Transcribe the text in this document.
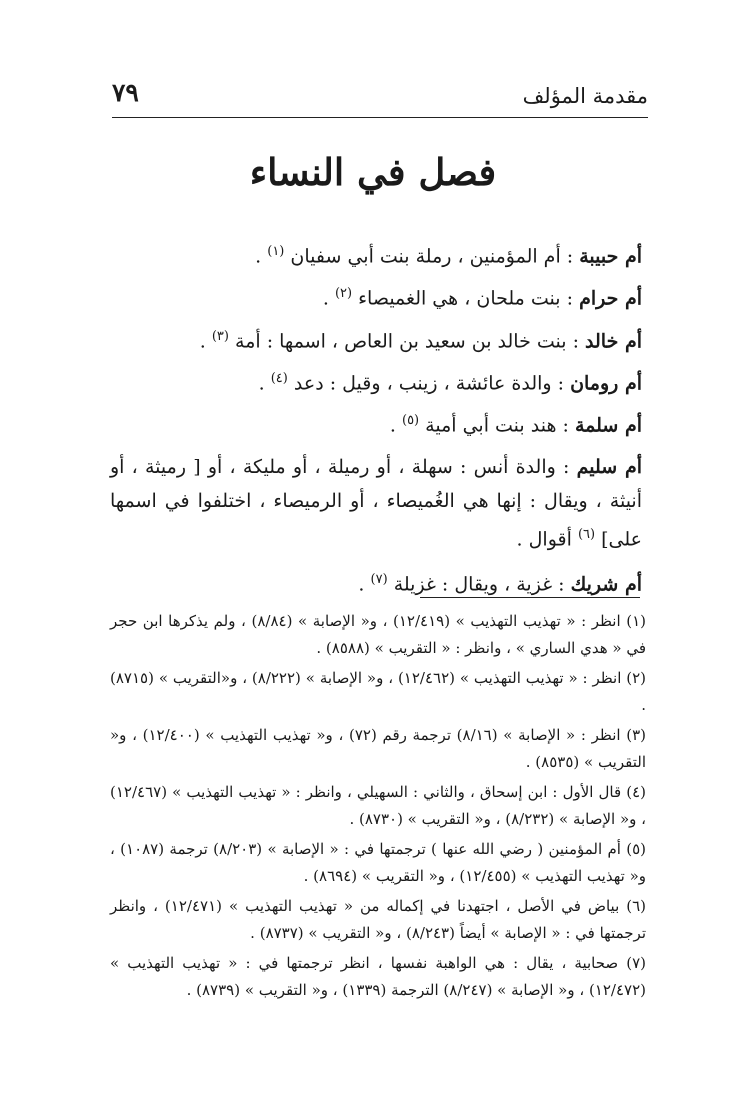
مقدمة المؤلف
٧٩
فصل في النساء
أم حبيبة : أم المؤمنين ، رملة بنت أبي سفيان $^{(١)}$ .
أم حرام : بنت ملحان ، هي الغميصاء $^{(٢)}$ .
أم خالد : بنت خالد بن سعيد بن العاص ، اسمها : أمة $^{(٣)}$ .
أم رومان : والدة عائشة ، زينب ، وقيل : دعد $^{(٤)}$ .
أم سلمة : هند بنت أبي أمية $^{(٥)}$ .
أم سليم : والدة أنس : سهلة ، أو رميلة ، أو مليكة ، أو [ رميثة ، أو أنيثة ، ويقال : إنها هي الغُميصاء ، أو الرميصاء ، اختلفوا في اسمها على] $^{(٦)}$ أقوال .
أم شريك : غزية ، ويقال : غزيلة $^{(٧)}$ .
(١) انظر : « تهذيب التهذيب » (١٢/٤١٩) ، و« الإصابة » (٨/٨٤) ، ولم يذكرها ابن حجر في « هدي الساري » ، وانظر : « التقريب » (٨٥٨٨) .
(٢) انظر : « تهذيب التهذيب » (١٢/٤٦٢) ، و« الإصابة » (٨/٢٢٢) ، و«التقريب » (٨٧١٥) .
(٣) انظر : « الإصابة » (٨/١٦) ترجمة رقم (٧٢) ، و« تهذيب التهذيب » (١٢/٤٠٠) ، و« التقريب » (٨٥٣٥) .
(٤) قال الأول : ابن إسحاق ، والثاني : السهيلي ، وانظر : « تهذيب التهذيب » (١٢/٤٦٧) ، و« الإصابة » (٨/٢٣٢) ، و« التقريب » (٨٧٣٠) .
(٥) أم المؤمنين ( رضي الله عنها ) ترجمتها في : « الإصابة » (٨/٢٠٣) ترجمة (١٠٨٧) ، و« تهذيب التهذيب » (١٢/٤٥٥) ، و« التقريب » (٨٦٩٤) .
(٦) بياض في الأصل ، اجتهدنا في إكماله من « تهذيب التهذيب » (١٢/٤٧١) ، وانظر ترجمتها في : « الإصابة » أيضاً (٨/٢٤٣) ، و« التقريب » (٨٧٣٧) .
(٧) صحابية ، يقال : هي الواهبة نفسها ، انظر ترجمتها في : « تهذيب التهذيب » (١٢/٤٧٢) ، و« الإصابة » (٨/٢٤٧) الترجمة (١٣٣٩) ، و« التقريب » (٨٧٣٩) .
